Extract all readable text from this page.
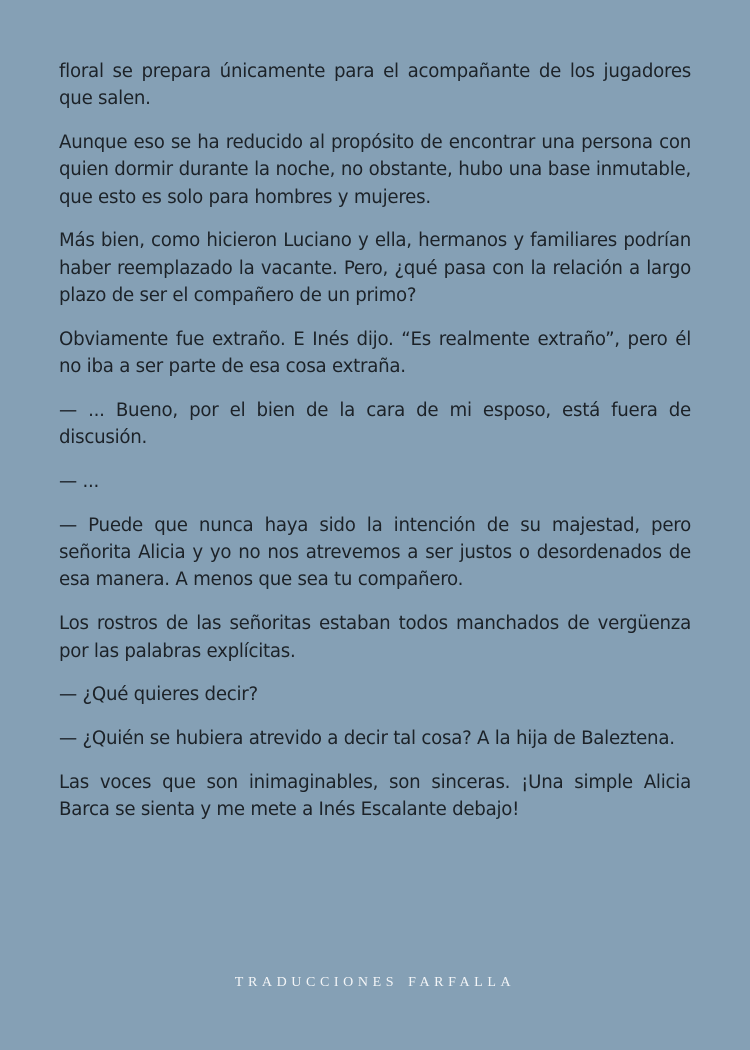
floral se prepara únicamente para el acompañante de los jugadores que salen.

Aunque eso se ha reducido al propósito de encontrar una persona con quien dormir durante la noche, no obstante, hubo una base inmutable, que esto es solo para hombres y mujeres.

Más bien, como hicieron Luciano y ella, hermanos y familiares podrían haber reemplazado la vacante. Pero, ¿qué pasa con la relación a largo plazo de ser el compañero de un primo?

Obviamente fue extraño. E Inés dijo. “Es realmente extraño”, pero él no iba a ser parte de esa cosa extraña.

— ... Bueno, por el bien de la cara de mi esposo, está fuera de discusión.

— ...

— Puede que nunca haya sido la intención de su majestad, pero señorita Alicia y yo no nos atrevemos a ser justos o desordenados de esa manera. A menos que sea tu compañero.

Los rostros de las señoritas estaban todos manchados de vergüenza por las palabras explícitas.

— ¿Qué quieres decir?

— ¿Quién se hubiera atrevido a decir tal cosa? A la hija de Baleztena.

Las voces que son inimaginables, son sinceras. ¡Una simple Alicia Barca se sienta y me mete a Inés Escalante debajo!

TRADUCCIONES FARFALLA
